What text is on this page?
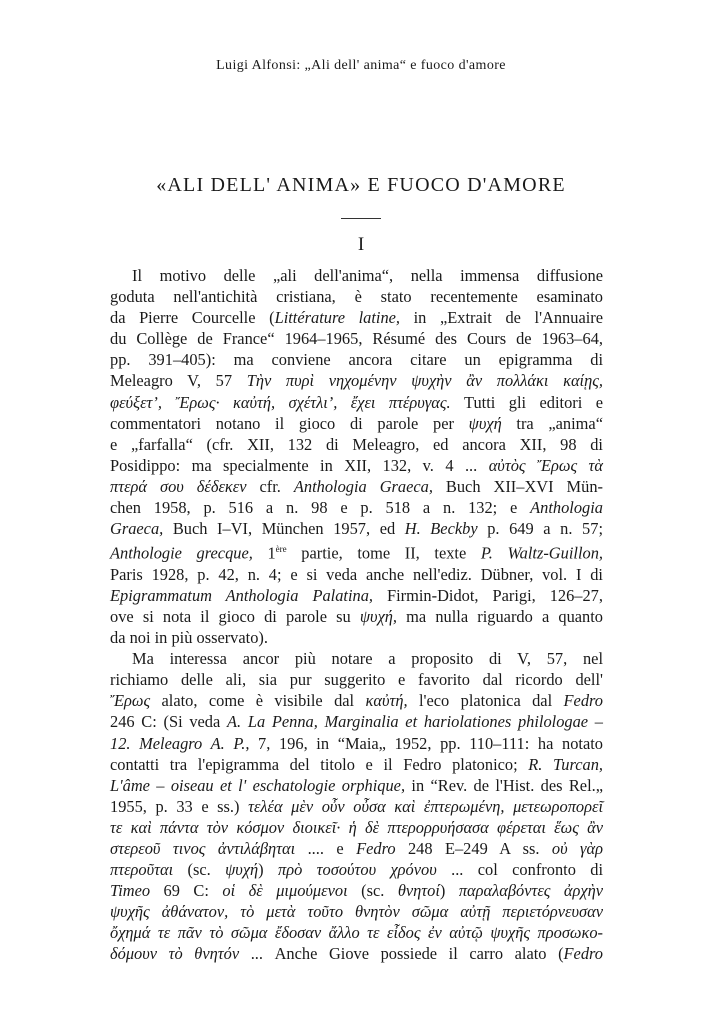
Luigi Alfonsi: „Ali dell' anima“ e fuoco d'amore
«ALI DELL' ANIMA» E FUOCO D'AMORE
I
Il motivo delle „ali dell'anima“, nella immensa diffusione
goduta nell'antichità cristiana, è stato recentemente esaminato
da Pierre Courcelle (Littérature latine, in „Extrait de l'Annuaire
du Collège de France“ 1964–1965, Résumé des Cours de 1963–64,
pp. 391–405): ma conviene ancora citare un epigramma di
Meleagro V, 57 Τὴν πυρὶ νηχομένην ψυχὴν ἂν πολλάκι καίῃς,
φεύξετ’, Ἔρως· καὐτή, σχέτλι’, ἔχει πτέρυγας. Tutti gli editori e
commentatori notano il gioco di parole per ψυχή tra „anima“
e „farfalla“ (cfr. XII, 132 di Meleagro, ed ancora XII, 98 di
Posidippo: ma specialmente in XII, 132, v. 4 ... αὐτὸς Ἔρως τὰ
πτερά σου δέδεκεν cfr. Anthologia Graeca, Buch XII–XVI Mün-
chen 1958, p. 516 a n. 98 e p. 518 a n. 132; e Anthologia
Graeca, Buch I–VI, München 1957, ed H. Beckby p. 649 a n. 57;
Anthologie grecque, 1ère partie, tome II, texte P. Waltz-Guillon,
Paris 1928, p. 42, n. 4; e si veda anche nell'ediz. Dübner, vol. I di
Epigrammatum Anthologia Palatina, Firmin-Didot, Parigi, 126–27,
ove si nota il gioco di parole su ψυχή, ma nulla riguardo a quanto
da noi in più osservato).
Ma interessa ancor più notare a proposito di V, 57, nel
richiamo delle ali, sia pur suggerito e favorito dal ricordo dell'
Ἔρως alato, come è visibile dal καὐτή, l'eco platonica dal Fedro
246 C: (Si veda A. La Penna, Marginalia et hariolationes philologae –
12. Meleagro A. P., 7, 196, in “Maia„ 1952, pp. 110–111: ha notato
contatti tra l'epigramma del titolo e il Fedro platonico; R. Turcan,
L'âme – oiseau et l' eschatologie orphique, in “Rev. de l'Hist. des Rel.„
1955, p. 33 e ss.) τελέα μὲν οὖν οὖσα καὶ ἐπτερωμένη, μετεωροπορεῖ
τε καὶ πάντα τὸν κόσμον διοικεῖ· ἡ δὲ πτερορρυήσασα φέρεται ἕως ἂν
στερεοῦ τινος ἀντιλάβηται .... e Fedro 248 E–249 A ss. οὐ γὰρ
πτεροῦται (sc. ψυχή) πρὸ τοσούτου χρόνου ... col confronto di
Timeo 69 C: οἱ δὲ μιμούμενοι (sc. θνητοί) παραλαβόντες ἀρχὴν
ψυχῆς ἀθάνατον, τὸ μετὰ τοῦτο θνητὸν σῶμα αὐτῇ περιετόρνευσαν
ὄχημά τε πᾶν τὸ σῶμα ἔδοσαν ἄλλο τε εἶδος ἐν αὐτῷ ψυχῆς προσωκο-
δόμουν τὸ θνητόν ... Anche Giove possiede il carro alato (Fedro
